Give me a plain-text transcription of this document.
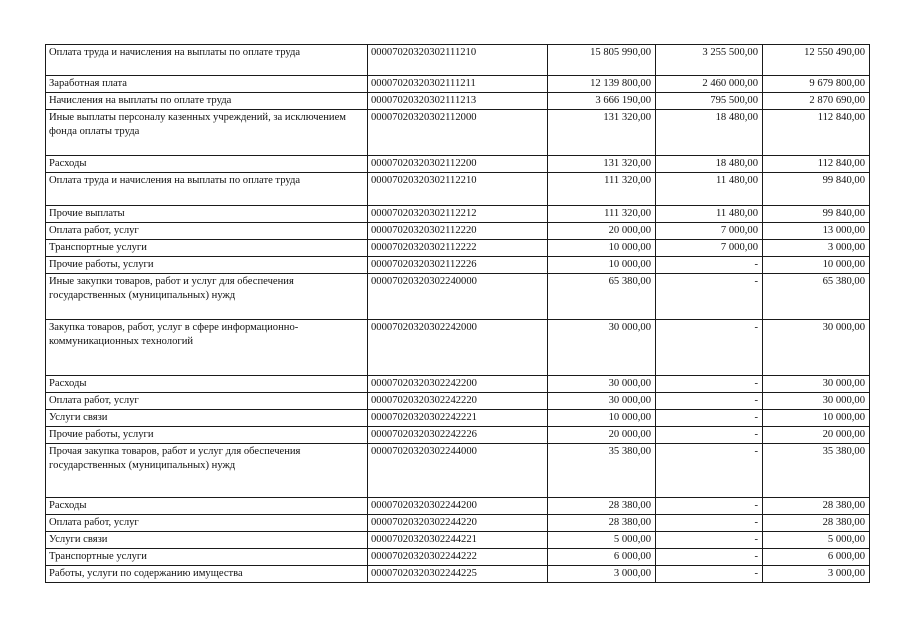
Оплата труда и начисления на выплаты по оплате труда	00007020320302111210	15 805 990,00	3 255 500,00	12 550 490,00
Заработная плата	00007020320302111211	12 139 800,00	2 460 000,00	9 679 800,00
Начисления на выплаты по оплате труда	00007020320302111213	3 666 190,00	795 500,00	2 870 690,00
Иные выплаты персоналу казенных учреждений, за исключением фонда оплаты труда	00007020320302112000	131 320,00	18 480,00	112 840,00
Расходы	00007020320302112200	131 320,00	18 480,00	112 840,00
Оплата труда и начисления на выплаты по оплате труда	00007020320302112210	111 320,00	11 480,00	99 840,00
Прочие выплаты	00007020320302112212	111 320,00	11 480,00	99 840,00
Оплата работ, услуг	00007020320302112220	20 000,00	7 000,00	13 000,00
Транспортные услуги	00007020320302112222	10 000,00	7 000,00	3 000,00
Прочие работы, услуги	00007020320302112226	10 000,00	-	10 000,00
Иные закупки товаров, работ и услуг для обеспечения государственных (муниципальных) нужд	00007020320302240000	65 380,00	-	65 380,00
Закупка товаров, работ, услуг в сфере информационно-коммуникационных технологий	00007020320302242000	30 000,00	-	30 000,00
Расходы	00007020320302242200	30 000,00	-	30 000,00
Оплата работ, услуг	00007020320302242220	30 000,00	-	30 000,00
Услуги связи	00007020320302242221	10 000,00	-	10 000,00
Прочие работы, услуги	00007020320302242226	20 000,00	-	20 000,00
Прочая закупка товаров, работ и услуг для обеспечения государственных (муниципальных) нужд	00007020320302244000	35 380,00	-	35 380,00
Расходы	00007020320302244200	28 380,00	-	28 380,00
Оплата работ, услуг	00007020320302244220	28 380,00	-	28 380,00
Услуги связи	00007020320302244221	5 000,00	-	5 000,00
Транспортные услуги	00007020320302244222	6 000,00	-	6 000,00
Работы, услуги по содержанию имущества	00007020320302244225	3 000,00	-	3 000,00
